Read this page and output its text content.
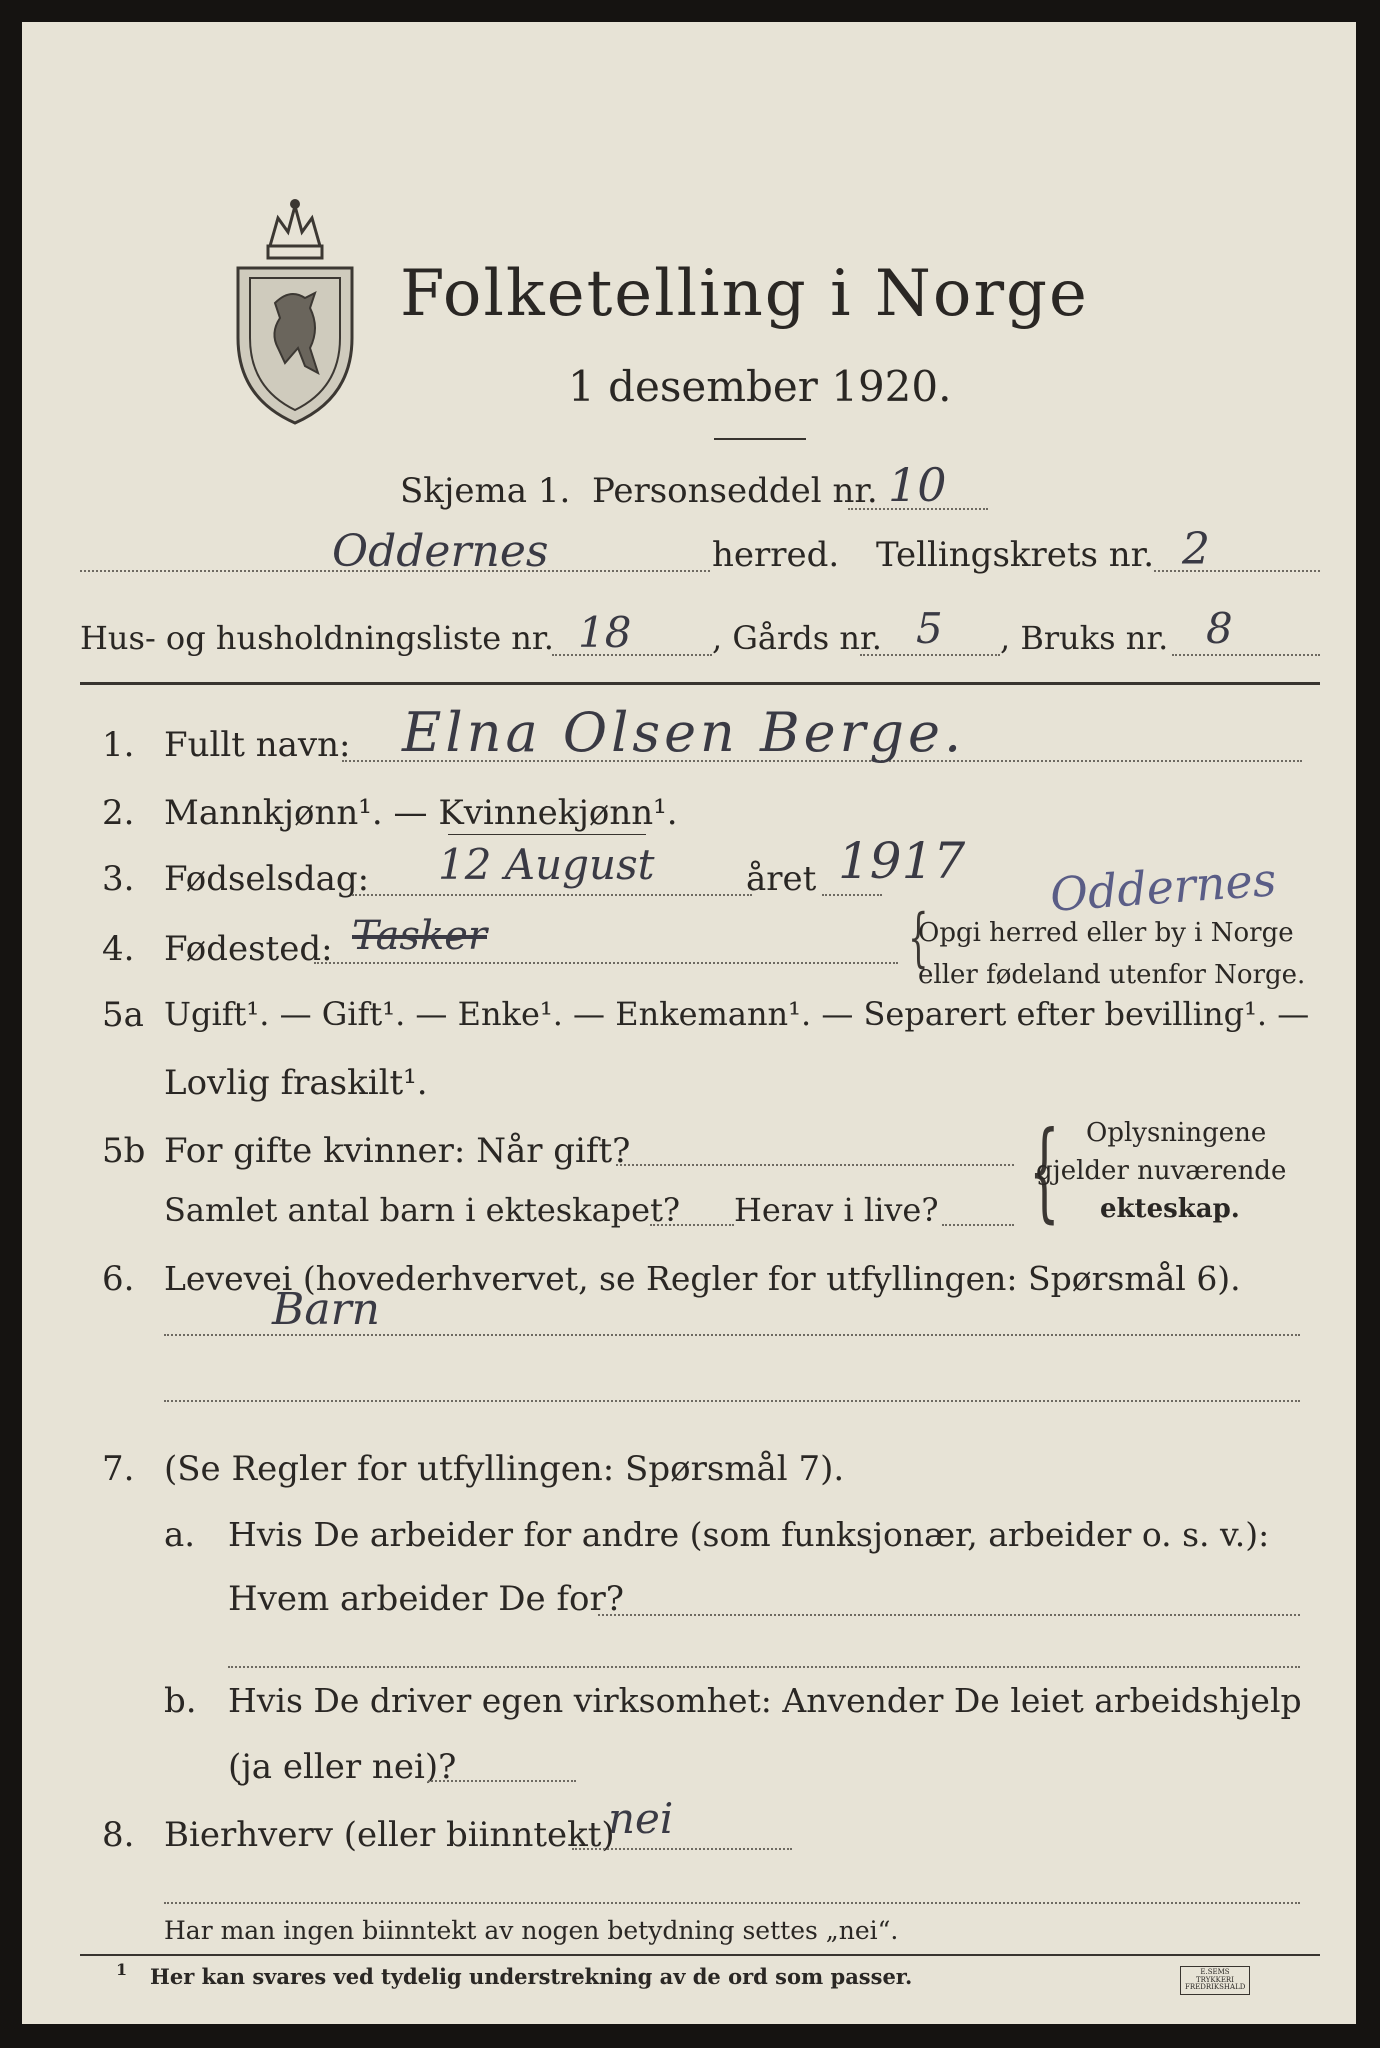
Folketelling i Norge
1 desember 1920.
Skjema 1. Personseddel nr. 10
Oddernes	herred. Tellingskrets nr. 2
Hus- og husholdningsliste nr. 18	, Gårds nr. 5 , Bruks nr. 8
1. Fullt navn: Elna Olsen Berge.
2. Mannkjønn¹. — Kvinnekjønn¹.
3. Fødselsdag: 12 August	året 1917 Oddernes
4. Fødested: Tasker	{
Opgi herred eller by i Norge
eller fødeland utenfor Norge.
5a Ugift¹. — Gift¹. — Enke¹. — Enkemann¹. — Separert efter bevilling¹. —
Lovlig fraskilt¹.
5b For gifte kvinner: Når gift?
Samlet antal barn i ekteskapet? Herav i live? { Oplysningene
gjelder nuværende
ekteskap.
6. Levevei (hovederhvervet, se Regler for utfyllingen: Spørsmål 6).
Barn
7. (Se Regler for utfyllingen: Spørsmål 7).
a. Hvis De arbeider for andre (som funksjonær, arbeider o. s. v.):
Hvem arbeider De for?
b. Hvis De driver egen virksomhet: Anvender De leiet arbeidshjelp
(ja eller nei)?
8. Bierhverv (eller biinntekt)
nei
Har man ingen biinntekt av nogen betydning settes „nei“.
1 Her kan svares ved tydelig understrekning av de ord som passer.	E.SEMS TRYKKERI FREDRIKSHALD
